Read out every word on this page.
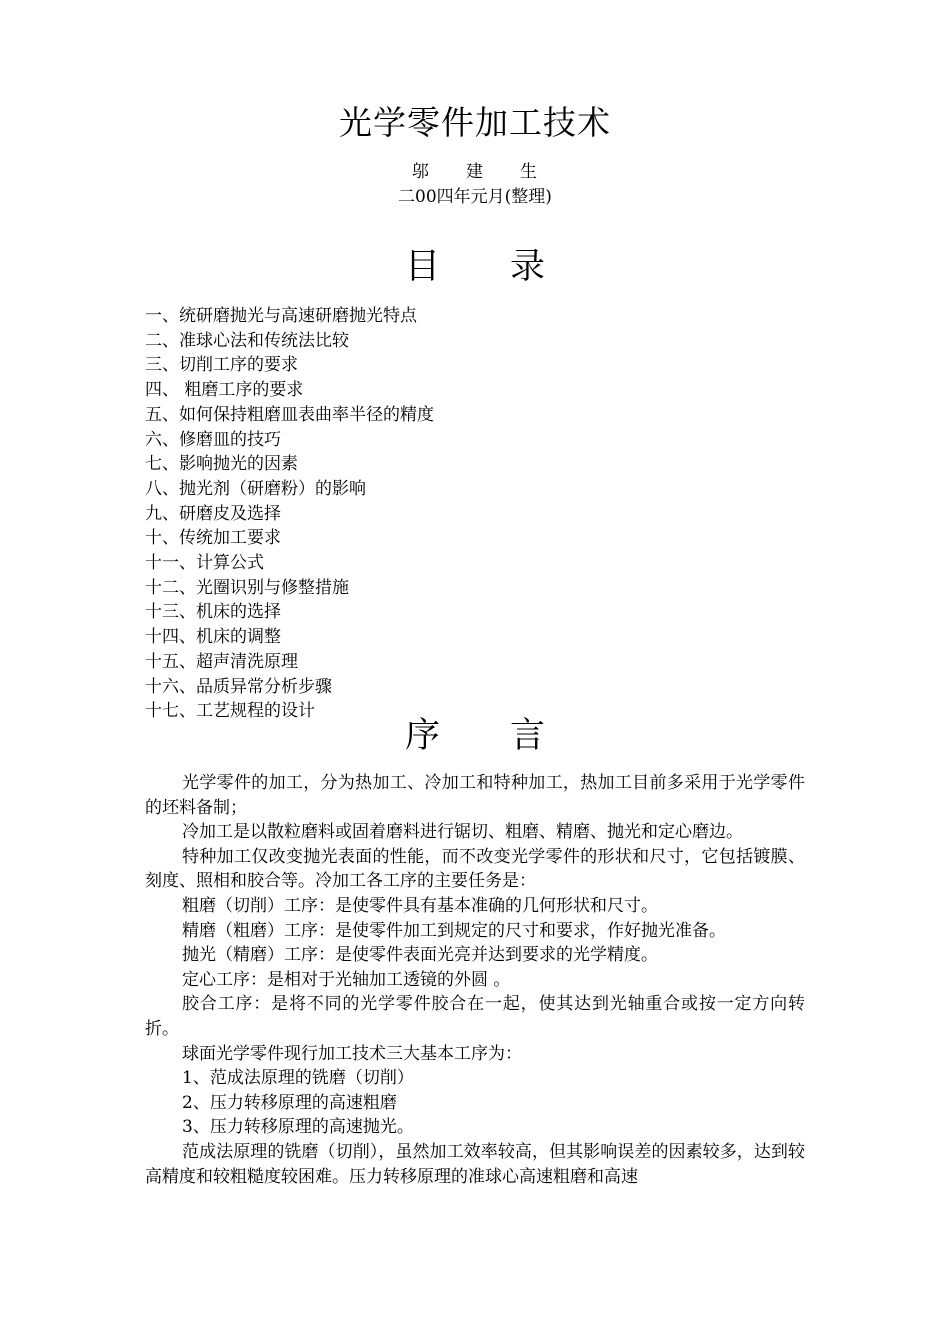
光学零件加工技术
邬　　建　　生
二00四年元月(整理)
目　　录
一、统研磨抛光与高速研磨抛光特点
二、准球心法和传统法比较
三、切削工序的要求
四、 粗磨工序的要求
五、如何保持粗磨皿表曲率半径的精度
六、修磨皿的技巧
七、影响抛光的因素
八、抛光剂（研磨粉）的影响
九、研磨皮及选择
十、传统加工要求
十一、计算公式
十二、光圈识别与修整措施
十三、机床的选择
十四、机床的调整
十五、超声清洗原理
十六、品质异常分析步骤
十七、工艺规程的设计
序　　言

光学零件的加工，分为热加工、冷加工和特种加工，热加工目前多采用于光学零件的坯料备制；

冷加工是以散粒磨料或固着磨料进行锯切、粗磨、精磨、抛光和定心磨边。

特种加工仅改变抛光表面的性能，而不改变光学零件的形状和尺寸，它包括镀膜、刻度、照相和胶合等。冷加工各工序的主要任务是：

粗磨（切削）工序：是使零件具有基本准确的几何形状和尺寸。

精磨（粗磨）工序：是使零件加工到规定的尺寸和要求，作好抛光准备。

抛光（精磨）工序：是使零件表面光亮并达到要求的光学精度。

定心工序：是相对于光轴加工透镜的外圆 。

胶合工序：是将不同的光学零件胶合在一起，使其达到光轴重合或按一定方向转折。

球面光学零件现行加工技术三大基本工序为：

1、范成法原理的铣磨（切削）

2、压力转移原理的高速粗磨

3、压力转移原理的高速抛光。

范成法原理的铣磨（切削），虽然加工效率较高，但其影响误差的因素较多，达到较高精度和较粗糙度较困难。压力转移原理的准球心高速粗磨和高速
